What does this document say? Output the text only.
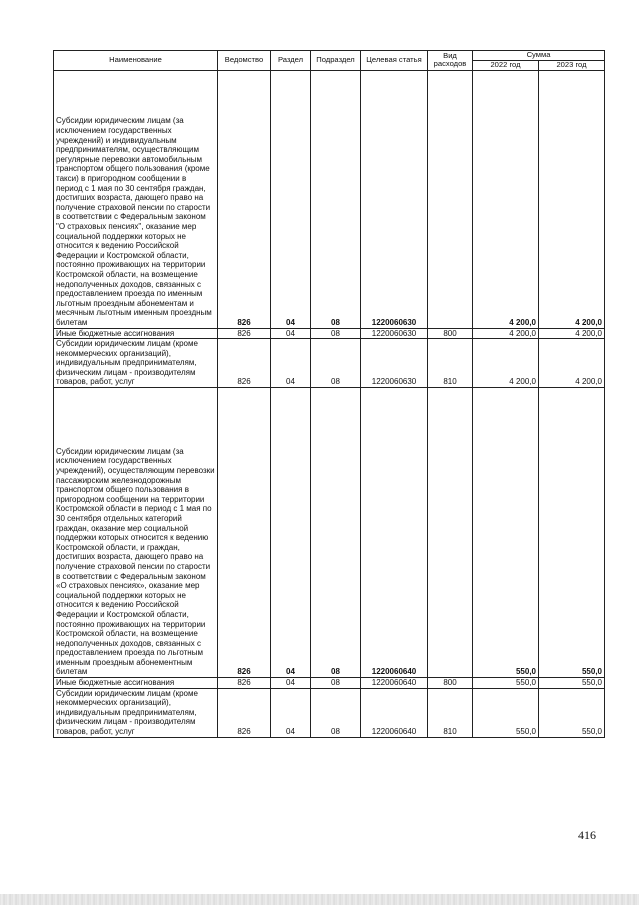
Наименование	Ведомство	Раздел	Подраздел	Целевая статья	Вид расходов	Сумма	
						2022 год	2023 год
Субсидии юридическим лицам (за исключением государственных учреждений) и индивидуальным предпринимателям, осуществляющим регулярные перевозки автомобильным транспортом общего пользования (кроме такси) в пригородном сообщении в период с 1 мая по 30 сентября граждан, достигших возраста, дающего право на получение страховой пенсии по старости в соответствии с Федеральным законом "О страховых пенсиях", оказание мер социальной поддержки которых не относится к ведению Российской Федерации и Костромской области, постоянно проживающих на территории Костромской области, на возмещение недополученных доходов, связанных с предоставлением проезда по именным льготным проездным абонементам и месячным льготным именным проездным билетам	826	04	08	1220060630		4 200,0	4 200,0
Иные бюджетные ассигнования	826	04	08	1220060630	800	4 200,0	4 200,0
Субсидии юридическим лицам (кроме некоммерческих организаций), индивидуальным предпринимателям, физическим лицам - производителям товаров, работ, услуг	826	04	08	1220060630	810	4 200,0	4 200,0
Субсидии юридическим лицам (за исключением государственных учреждений), осуществляющим перевозки пассажирским железнодорожным транспортом общего пользования в пригородном сообщении на территории Костромской области в период с 1 мая по 30 сентября отдельных категорий граждан, оказание мер социальной поддержки которых относится к ведению Костромской области, и граждан, достигших возраста, дающего право на получение страховой пенсии по старости в соответствии с Федеральным законом «О страховых пенсиях», оказание мер социальной поддержки которых не относится к ведению Российской Федерации и Костромской области, постоянно проживающих на территории Костромской области, на возмещение недополученных доходов, связанных с предоставлением проезда по льготным именным проездным абонементным билетам	826	04	08	1220060640		550,0	550,0
Иные бюджетные ассигнования	826	04	08	1220060640	800	550,0	550,0
Субсидии юридическим лицам (кроме некоммерческих организаций), индивидуальным предпринимателям, физическим лицам - производителям товаров, работ, услуг	826	04	08	1220060640	810	550,0	550,0
416
